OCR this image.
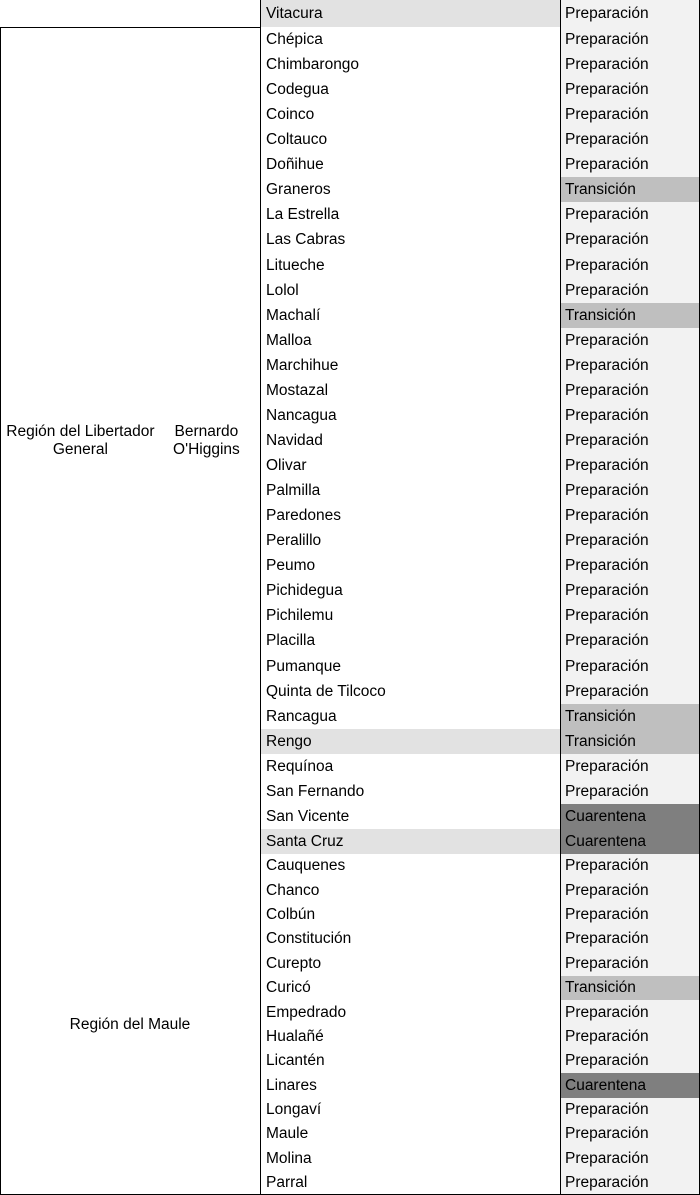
Vitacura	Preparación
Región del Libertador General
Bernardo O'Higgins
Chépica	Preparación
Chimbarongo	Preparación
Codegua	Preparación
Coinco	Preparación
Coltauco	Preparación
Doñihue	Preparación
Graneros	Transición
La Estrella	Preparación
Las Cabras	Preparación
Litueche	Preparación
Lolol	Preparación
Machalí	Transición
Malloa	Preparación
Marchihue	Preparación
Mostazal	Preparación
Nancagua	Preparación
Navidad	Preparación
Olivar	Preparación
Palmilla	Preparación
Paredones	Preparación
Peralillo	Preparación
Peumo	Preparación
Pichidegua	Preparación
Pichilemu	Preparación
Placilla	Preparación
Pumanque	Preparación
Quinta de Tilcoco	Preparación
Rancagua	Transición
Rengo	Transición
Requínoa	Preparación
San Fernando	Preparación
San Vicente	Cuarentena
Santa Cruz	Cuarentena
Región del Maule
Cauquenes	Preparación
Chanco	Preparación
Colbún	Preparación
Constitución	Preparación
Curepto	Preparación
Curicó	Transición
Empedrado	Preparación
Hualañé	Preparación
Licantén	Preparación
Linares	Cuarentena
Longaví	Preparación
Maule	Preparación
Molina	Preparación
Parral	Preparación
